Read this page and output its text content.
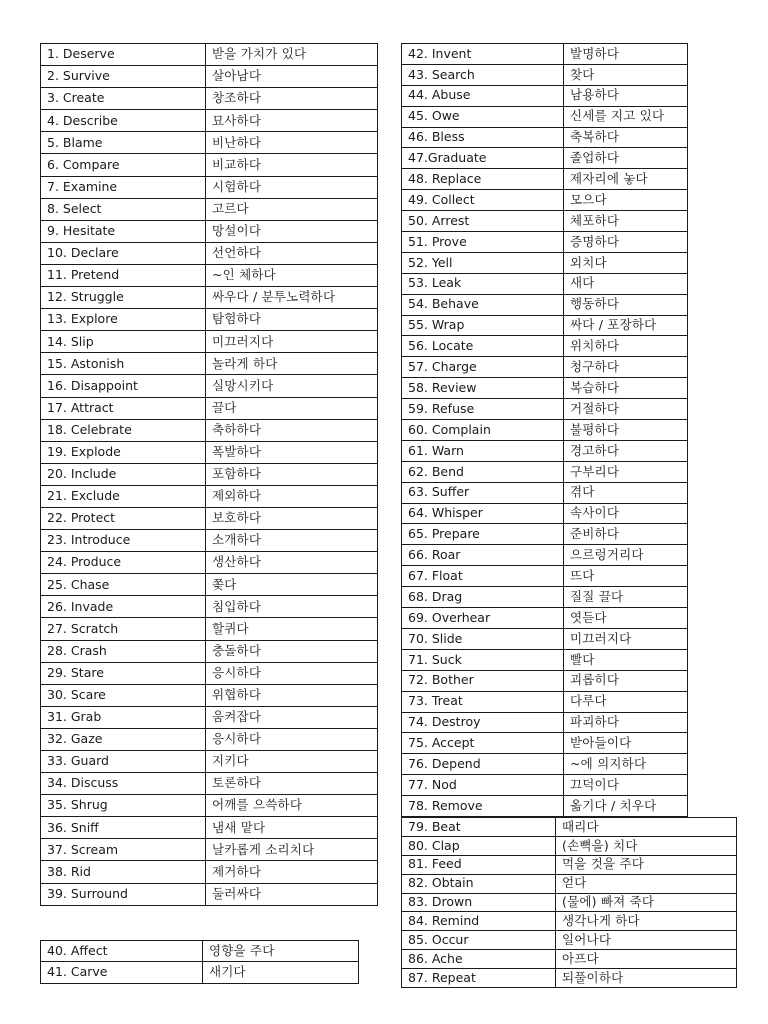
1. Deserve	받을 가치가 있다
2. Survive	살아남다
3. Create	창조하다
4. Describe	묘사하다
5. Blame	비난하다
6. Compare	비교하다
7. Examine	시험하다
8. Select	고르다
9. Hesitate	망설이다
10. Declare	선언하다
11. Pretend	~인 체하다
12. Struggle	싸우다 / 분투노력하다
13. Explore	탐험하다
14. Slip	미끄러지다
15. Astonish	놀라게 하다
16. Disappoint	실망시키다
17. Attract	끌다
18. Celebrate	축하하다
19. Explode	폭발하다
20. Include	포함하다
21. Exclude	제외하다
22. Protect	보호하다
23. Introduce	소개하다
24. Produce	생산하다
25. Chase	쫒다
26. Invade	침입하다
27. Scratch	할퀴다
28. Crash	충돌하다
29. Stare	응시하다
30. Scare	위협하다
31. Grab	움켜잡다
32. Gaze	응시하다
33. Guard	지키다
34. Discuss	토론하다
35. Shrug	어깨를 으쓱하다
36. Sniff	냄새 맡다
37. Scream	날카롭게 소리치다
38. Rid	제거하다
39. Surround	둘러싸다
40. Affect	영향을 주다
41. Carve	새기다
42. Invent	발명하다
43. Search	찾다
44. Abuse	남용하다
45. Owe	신세를 지고 있다
46. Bless	축복하다
47.Graduate	졸업하다
48. Replace	제자리에 놓다
49. Collect	모으다
50. Arrest	체포하다
51. Prove	증명하다
52. Yell	외치다
53. Leak	새다
54. Behave	행동하다
55. Wrap	싸다 / 포장하다
56. Locate	위치하다
57. Charge	청구하다
58. Review	복습하다
59. Refuse	거절하다
60. Complain	불평하다
61. Warn	경고하다
62. Bend	구부리다
63. Suffer	겪다
64. Whisper	속사이다
65. Prepare	준비하다
66. Roar	으르렁거리다
67. Float	뜨다
68. Drag	질질 끌다
69. Overhear	엿듣다
70. Slide	미끄러지다
71. Suck	빨다
72. Bother	괴롭히다
73. Treat	다루다
74. Destroy	파괴하다
75. Accept	받아들이다
76. Depend	~에 의지하다
77. Nod	끄덕이다
78. Remove	옮기다 / 치우다
79. Beat	때리다
80. Clap	(손뼉을) 치다
81. Feed	먹을 것을 주다
82. Obtain	얻다
83. Drown	(물에) 빠져 죽다
84. Remind	생각나게 하다
85. Occur	일어나다
86. Ache	아프다
87. Repeat	되풀이하다
